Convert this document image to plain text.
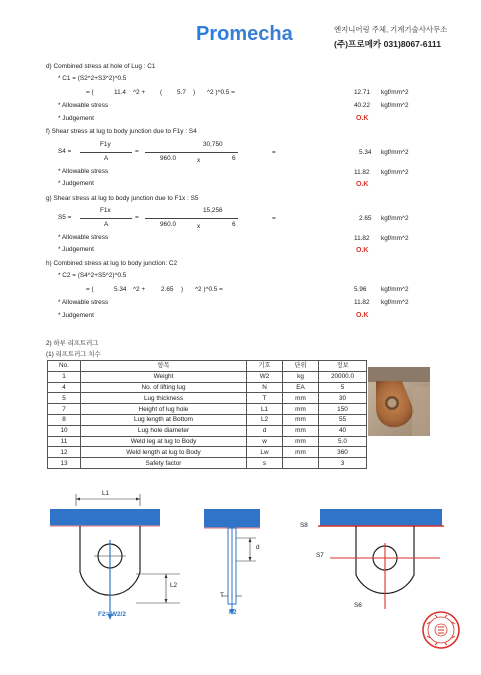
Promecha	엔지니어링 주체, 기계기술사사무소
(주)프로메카 031)8067-6111
d) Combined stress at hole of Lug : C1
* C1 = (S2^2+S3^2)^0.5
= (	11.4 ^2 + ( 5.7 ) ^2 )^0.5 =	12.71 kgf/mm^2
* Allowable stress	40.22 kgf/mm^2
* Judgement	O.K
f) Shear stress at lug to body junction due to F1y : S4
S4 =
F1y
A
=
30,750
960.0	x	6
=	5.34 kgf/mm^2
* Allowable stress	11.82 kgf/mm^2
* Judgement	O.K
g) Shear stress at lug to body junction due to F1x : S5
S5 =
F1x
A
=
15,256
960.0	x	6
=	2.65 kgf/mm^2
* Allowable stress	11.82 kgf/mm^2
* Judgement	O.K
h) Combined stress at lug to body junction: C2
* C2 = (S4^2+S5^2)^0.5
= (	5.34 ^2 + 2.65 ) ^2 )^0.5 =	5.96 kgf/mm^2
* Allowable stress	11.82 kgf/mm^2
* Judgement	O.K
2) 하부 리프트러그
(1) 리프트러그 치수
No.	항목	기호	단위	정보
1	Weight	W2	kg	20000.0
4	No. of lifting lug	N	EA	5
5	Lug thickness	T	mm	30
7	Height of lug hole	L1	mm	150
8	Lug length at Bottom	L2	mm	55
10	Lug hole diameter	d	mm	40
11	Weld leg at lug to Body	w	mm	5.0
12	Weld length at lug to Body	Lw	mm	360
13	Safety factor	s		3
L1
L2
F2= W2/2
d
T
F2
S8
S7
S6
